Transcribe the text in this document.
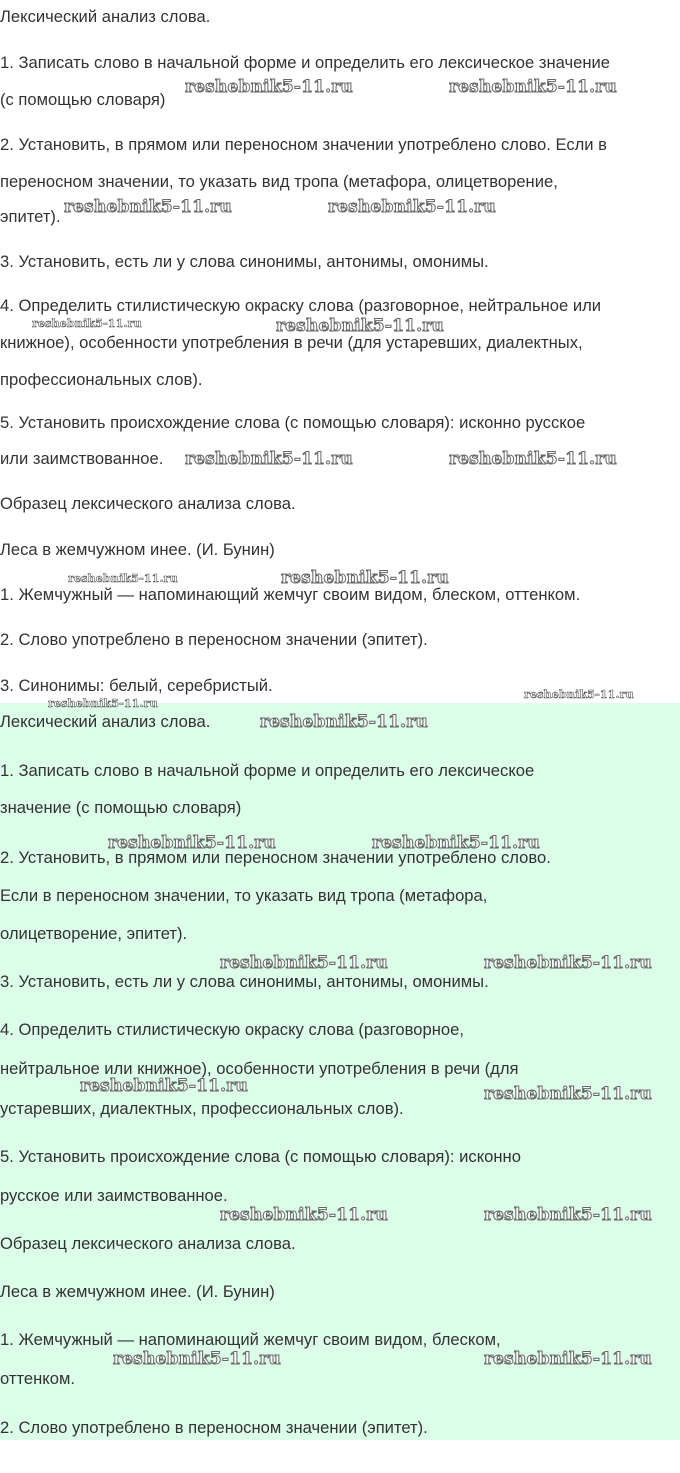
Лексический анализ слова.
1. Записать слово в начальной форме и определить его лексическое значение
(с помощью словаря)
2. Установить, в прямом или переносном значении употреблено слово. Если в
переносном значении, то указать вид тропа (метафора, олицетворение,
эпитет).
3. Установить, есть ли у слова синонимы, антонимы, омонимы.
4. Определить стилистическую окраску слова (разговорное, нейтральное или
книжное), особенности употребления в речи (для устаревших, диалектных,
профессиональных слов).
5. Установить происхождение слова (с помощью словаря): исконно русское
или заимствованное.
Образец лексического анализа слова.
Леса в жемчужном инее. (И. Бунин)
1. Жемчужный — напоминающий жемчуг своим видом, блеском, оттенком.
2. Слово употреблено в переносном значении (эпитет).
3. Синонимы: белый, серебристый.
Лексический анализ слова.
1. Записать слово в начальной форме и определить его лексическое
значение (с помощью словаря)
2. Установить, в прямом или переносном значении употреблено слово.
Если в переносном значении, то указать вид тропа (метафора,
олицетворение, эпитет).
3. Установить, есть ли у слова синонимы, антонимы, омонимы.
4. Определить стилистическую окраску слова (разговорное,
нейтральное или книжное), особенности употребления в речи (для
устаревших, диалектных, профессиональных слов).
5. Установить происхождение слова (с помощью словаря): исконно
русское или заимствованное.
Образец лексического анализа слова.
Леса в жемчужном инее. (И. Бунин)
1. Жемчужный — напоминающий жемчуг своим видом, блеском,
оттенком.
2. Слово употреблено в переносном значении (эпитет).
reshebnik5-11.ru	reshebnik5-11.ru
reshebnik5-11.ru	reshebnik5-11.ru
reshebnik5-11.ru	reshebnik5-11.ru
reshebnik5-11.ru	reshebnik5-11.ru
reshebnik5-11.ru	reshebnik5-11.ru
reshebnik5-11.ru
reshebnik5-11.ru
reshebnik5-11.ru
reshebnik5-11.ru	reshebnik5-11.ru
reshebnik5-11.ru	reshebnik5-11.ru
reshebnik5-11.ru	reshebnik5-11.ru
reshebnik5-11.ru	reshebnik5-11.ru
reshebnik5-11.ru	reshebnik5-11.ru
